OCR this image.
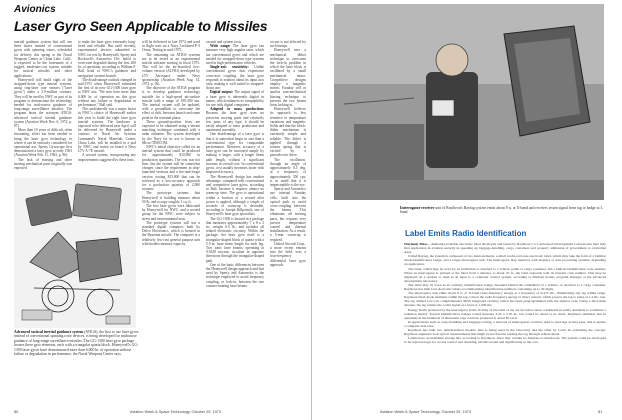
Avionics
Laser Gyro Seen Applicable to Missiles

inertial guidance system that will use three lasers instead of conventional gyros with spinning rotors, scheduled for delivery this spring to the Naval Weapons Center at China Lake, Calif., is expected to be the forerunner of a rugged, moderate-cost system suitable for tactical missiles and other applications.

Honeywell will build eight of the strapped-down type inertial systems, using ring-laser rate sensors ("laser gyros") under a 3.9-million contract. They will be used by NWC as part of its program to demonstrate the technology needed for mid-course guidance of long-range surveillance missiles. The program bears the acronym ATIGS: advanced tactical inertial guidance system (Aviation Week Nov. 6, 1972, p. 87).

More than 10 years of difficult, often frustrating, effort has been needed to bring the laser gyro technology to where it can be seriously considered for operational use. Sperry Gyroscope first demonstrated a laser gyro in early 1963 (Aviation Week Feb. 11, 1963, p. 96).

The lack of missing and other moving mechanical parts originally was expected

to make the laser gyro extremely long-lived and reliable. But until recently, experimental devices submitted to NWC for test by Honeywell, Sperry and Rockwell's Autonetics Div. failed to overcome degraded during the first 200 hr. of operation, according to William F. Ball, head of NWC's guidance and navigation systems branch.

The disadvantage outlook changed in mid-1972 when Honeywell submitted the first of its new GG-1300 laser gyro to NWC test. "We now have more than 6,000 hr. of operation on this gyro without any failure or degradation in performance," Ball said.

This undoubtedly was a major factor in NWC's choice of Honeywell earlier this year to build the eight laser gyro inertial systems. The hardware is expected to be delivered next April, will be delivered by Honeywell under a contract to Naval Air Systems Command's Naval Materials Center, China Lake, will be installed in a pod by NWC and tested on board a Navy LTV A-7E aircraft.

A second system, incorporating any improvements suggested by these tests,

will be delivered in late 1974 and used in flight tests on a Navy Lockheed P-3 Orion. Testing in mid-1975.

The remaining six ATIGS systems are to be tested in an experimental missile airframe starting in fiscal 1975. This will be the air-launched low-volume version (ALVRJ) developed by LTV Aerospace under Navy sponsorship (Aviation Week Aug. 14, 1972, p. 56).

The objective of the ATIGS program is to develop guidance technology suitable for a high-speed air-surface missile with a range of 100-200 nm. The inertial system will be updated, with a groundlink to overcome the effect of drift, between launch and some point in the terminal phase.

These ground-position fixes are expected to be obtained using a terrain matching technique combined with a radar altimeter. The system developed by the Navy for its use is known as Micro-TERCOM.

NWC's initial objective called for an inertial system that could be produced for approximately $10,000 in production quantities. The cost was not firm, but the system will be somewhat cheaper, since the requirement in ship-launched versions and a fire-and-forget version costing $15,000 that can be achieved as a low-accuracy approach for a production quantity of 2,000 systems.

The prototype systems that Honeywell is building measure about 50 lb. and occupy roughly 1 cu. ft.

The first laser gyros were fabricated by Honeywell for NWC, and a second group for the NWC were subject to stress and environmental tests.

The prototype systems will use a standard digital computer, built by Delco Electronics, which is housed in the Bayonne missile. The computer is a relatively low-cost general purpose unit with modest memory capacity.

on unit and system costs.

Wide range: The laser gyro can measure very high angular rates, which tax conventional gyros and which are needed for strapped-down type systems used in high-performance vehicles.

Single-axis sensitivity: Unlike conventional gyros that experience cross-axis coupling, the laser gyro responds to rotation about its input axis only, making it well suited to strapped-down use.

Digital output: The output signal of a laser gyro is inherently digital in nature, which enhances its compatibility for use with digital computers.

Adapted to mass production: Because the laser gyro uses no precision moving parts and relatively few parts of any type, it should be easily adapted to mass production and automated assembly.

One disadvantage of a laser gyro is that it is somewhat larger in size than a conventional type for comparable performance. However, accuracy of a laser gyro can be increased simply by making it larger, with a longer beam path length, without a significant increase in overall cost. In conventional gyros, cost usually increases faster with improved accuracy.

The Honeywell design has another advantage, compared with conventional and competitive laser gyros, according to Ball, because it requires almost no warm-up time. The gyro is operational within a fraction of a second after power is applied, although a couple of seconds of warm-up is desirable, according to Joseph Killpatrick, one of Honeywell's laser gyro specialists.

The GG-1300 is housed in a package that measures approximately 7 x 8 x 2 in., weighs 6.5 lb., and includes all related electronic circuitry. Within the package, the laser gyro itself is a triangular-shaped block of quartz with a 5.5-in. laser beam length for each leg. Two ionic laser beams, operating at 0.6328 micron, circulate in opposite directions through the triangular-shaped path.

One of the basic differences between the Honeywell design approach and that used by Sperry and Autonetics is the technique employed to avoid frequency coupling, or lock-in, between the two counter-rotating laser beams.

occurs is not affected by such bumps.

Honeywell uses a mechanical dither technique to overcome the lock-in problem in which the laser block is oscillated by a small mechanical motor. Competitive designs employ a magnetic mirror, Faraday cell or similar non-mechanical biasing technique to prevent the two beams from locking in.

Honeywell believes its approach is less sensitive to temperature variations and magnetic fields and that the block-dither mechanism is extremely simple and reliable. The dither is applied through a torsion spring that is excited by a piezoelectric drive.

The oscillation, through an angle of approximately 0.5 deg. at a frequency of approximately 350 cps, is so small that it is imperceptible to the eye.

Sperry and Autonetics use internal Faraday cells, built into the optical path, to avoid cross-coupling between the beams. This eliminates all moving parts, but requires very precise temperature control and thermal stabilization. As a result, a 5-min. warm-up is required.

United Aircraft Corp., a more recent entrant into the field, uses a four-frequency differential laser gyro approach.

Advanced tactical inertial guidance system (ATIGS), the first to use laser gyros instead of conventional spinning rotor devices, is being developed for midcourse guidance of long-range surveillance missiles. The GG-1300 laser gyro package houses three gyro elements, each with a triangular quartz block. Honeywell's GG-1300 laser gyros have demonstrated more than 6,000 hr. of operation without failure or degradation in performance, the Naval Weapons Center says.
Interrogator receiver unit of Raytheon's Raytag system emits about 8 w. at X-band and receives return signal from tag or badge at L band.
Label Emits Radio Identification

Wayland, Mass.—Remotely-readable electronic label developed and tested by Raytheon Co.'s Advanced Development Laboratories here may find application in aviation security in speeding up baggage-handling, cargo containers and property admission of government to controlled areas.

Called Raytag, the system is composed of two main elements, a small credit-card-size electronic label, which may take the form of a familiar check-identification badge, and a larger interrogator unit. The interrogator may interface with displays or data processing systems, depending on application.

The label, which may be worn by an individual or attached to a vehicle, pallet or cargo container, has a built-in identification code number. When an interrogator is pointed at the label from a distance to about 25 ft., the label responds with its internal code number. This may be displayed on a readout or used as an input to a computer control system, according to Michael Kotter, program manager at the advanced development laboratory.

The label may be worn as an ordinary identification badge, mounted behind the windshield of a vehicle, or attached to a cargo container. Raytheon has built four electronic labels accommodating identification numbers containing up to 30 digits.

The interrogator unit emits about 8 w. of X-band radio-frequency energy at a frequency of 9,375 mc., illuminating any tag within range. Raytheon flush diode elements within the tag convert the radio frequency energy to direct current, which powers the tag to pulse at a 4 mc. rate. The tag utilizes low-cost complementary MOS integrated circuitry which has been preprogrammed with the desired code. Using a microstrip antenna, the tag returns the coded signal at a level of 1,000 mv.

Energy fields produced by the interrogator in the vicinity of the label or tag are far below those considered in safety standards to constitute a radiation hazard. Typical identification badges would measure 3.25 x 2.25 in., but would be about ¼ in. thick. Raytheon estimates that in quantities in the hundreds of thousands, tags could be produced at about $5 each.

In applications such as cargo handling and baggage routing, a network of interrogators could be used to read tags as they pass, and to update a computer data base.

Raytheon has built two demonstration models. One is being used in the laboratory and the other by Cobb. In evaluating the concept, Raytheon engineers took typical measurements that might be involved in reading the tag through vehicle metal.

Labels have an indefinite storage life, according to Raytheon, since they contain no batteries to deteriorate. The system could be developed to incorporate logic for access control and checking, but this would add significantly to the cost.

80	Aviation Week & Space Technology, October 29, 1973	Aviation Week & Space Technology, October 29, 1973	81
